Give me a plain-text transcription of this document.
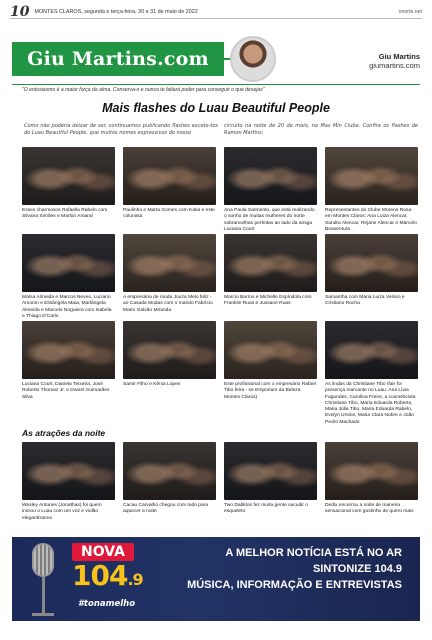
10 MONTES CLAROS, segunda e terça-feira, 30 e 31 de maio de 2022	onorte.net
Giu Martins.com	Giu Martins
giumartins.com
"O entusiasmo é a maior força da alma. Conserva-o e nunca te faltará poder para conseguir o que desejas"
Mais flashes do Luau Beautiful People
Como não poderia deixar de ser, continuamos publicando flashes exceto-tos do Luau Beautiful People, que muitos nomes expressivos do nosso
circuito na noite de 20 de maio, no Mas Min Clube. Confira os flashes de Ramon Martins:
Esses charmosos Rafaella Rabelo com Silvana Simões e Marlon Amaral
Paulinho e Marta Gomes com Katia e este colunista
Ana Paula Sarmento, que está realizando o sonho de muitas mulheres do norte sobrancelhas perfeitas ao lado da amiga Luciana Court
Representantes do Clube Moreno Rosa em Montes Claros: Ana Luiza Alencar, Sandra Alencar, Rejane Alencar e Marcelo Boaventura
Maísa Almeida e Marcos Neves, Luciano Amorim e Elisângela Maia, Marlângela Almeida e Marcelo Nogueira com Isabela e Thiago D'Carlo
A empresária de moda Jouza Melo feliz - ao Casada Modas com o marido Fabrício Mario Galvão Miranda
Marcio Barros e Michelle Espíndola com Franklin Ruas e Jussane Ruas
Samantha com Maria Luiza Veloso e Cristiano Rocha
Luciana Court, Daniela Teixeira, José Roberto Thomaz Jr. e Daniel Guimarães Silva
Samir Filho e Kênia Lopes	Este profissional com o empresário Rafael Tibo feira - se Emporium da Beleza Montes Claros)
As lindas da Christiane Tibo Ifair foi presença marcante no Luau. Ana Lívia Fagundes, Carolina Freire, a cosméticista Christiane Tibo, Maria Eduarda Roberto, Maria Júlia Tibo, Maria Eduarda Rabelo, Evelyn Ursine, Maria Clara Nobre e João Pedro Machado
As atrações da noite
Wesley Antunes (Jonathas) foi quem iniciou o Luau com um voz e violão elegantíssimo
Cacau Carvalho chegou com tudo para aquecer a noite
Two Dablitos fez muita gente sacudir o esqueleto
Dedix encerrou a noite de maneira sensacional com gostinho de quero mais
NOVA
104.9
#tonamelho
A MELHOR NOTÍCIA ESTÁ NO AR
SINTONIZE 104.9
MÚSICA, INFORMAÇÃO E ENTREVISTAS
